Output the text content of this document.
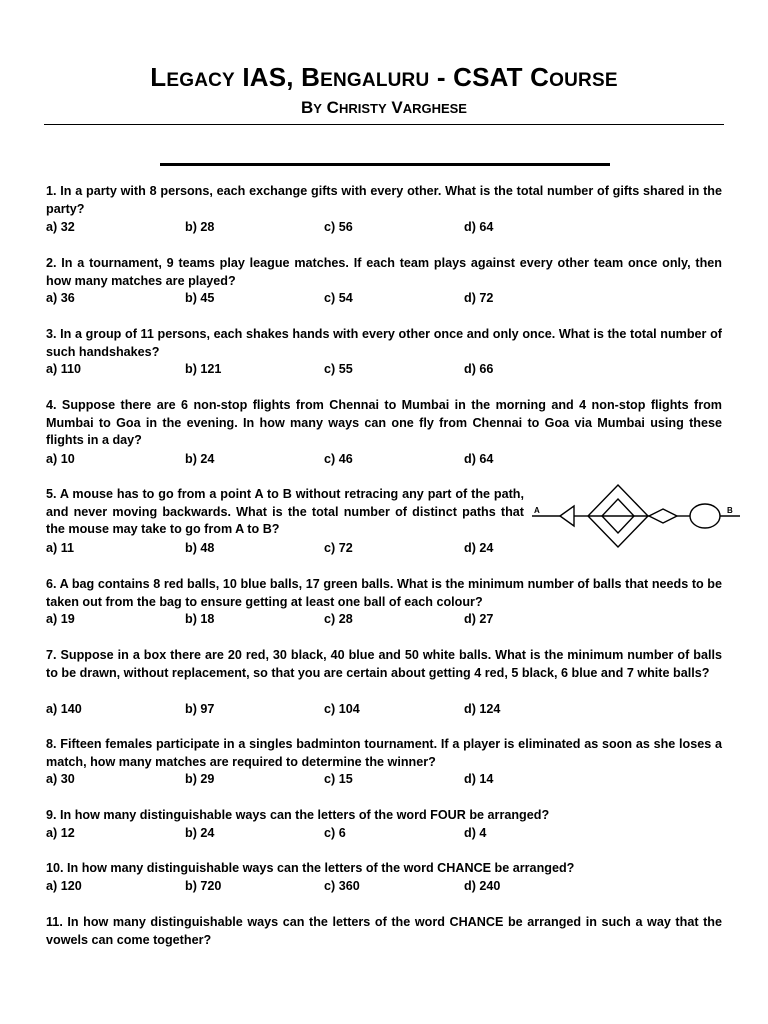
LEGACY IAS, BENGALURU - CSAT COURSE
BY CHRISTY VARGHESE
1. In a party with 8 persons, each exchange gifts with every other. What is the total number of gifts shared in the party?
a) 32	b) 28	c) 56	d) 64
2. In a tournament, 9 teams play league matches. If each team plays against every other team once only, then how many matches are played?
a) 36	b) 45	c) 54	d) 72
3. In a group of 11 persons, each shakes hands with every other once and only once. What is the total number of such handshakes?
a) 110	b) 121	c) 55	d) 66
4. Suppose there are 6 non-stop flights from Chennai to Mumbai in the morning and 4 non-stop flights from Mumbai to Goa in the evening. In how many ways can one fly from Chennai to Goa via Mumbai using these flights in a day?
a) 10	b) 24	c) 46	d) 64
5. A mouse has to go from a point A to B without retracing any part of the path, and never moving backwards. What is the total number of distinct paths that the mouse may take to go from A to B?
A	B
a) 11	b) 48	c) 72	d) 24
6. A bag contains 8 red balls, 10 blue balls, 17 green balls. What is the minimum number of balls that needs to be taken out from the bag to ensure getting at least one ball of each colour?
a) 19	b) 18	c) 28	d) 27
7. Suppose in a box there are 20 red, 30 black, 40 blue and 50 white balls. What is the minimum number of balls to be drawn, without replacement, so that you are certain about getting 4 red, 5 black, 6 blue and 7 white balls?
a) 140	b) 97	c) 104	d) 124
8. Fifteen females participate in a singles badminton tournament. If a player is eliminated as soon as she loses a match, how many matches are required to determine the winner?
a) 30	b) 29	c) 15	d) 14
9. In how many distinguishable ways can the letters of the word FOUR be arranged?
a) 12	b) 24	c) 6	d) 4
10. In how many distinguishable ways can the letters of the word CHANCE be arranged?
a) 120	b) 720	c) 360	d) 240
11. In how many distinguishable ways can the letters of the word CHANCE be arranged in such a way that the vowels can come together?
